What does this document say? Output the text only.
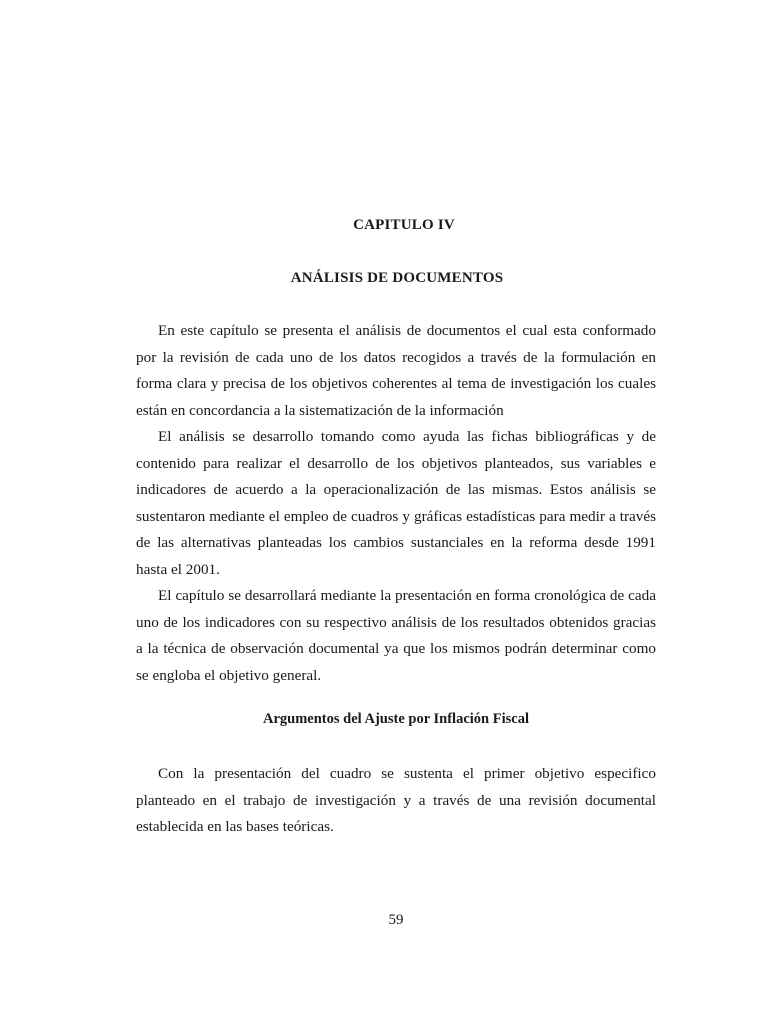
CAPITULO IV
ANÁLISIS DE DOCUMENTOS

En este capítulo se presenta el análisis de documentos el cual esta conformado por la revisión de cada uno de los datos recogidos a través de la formulación en forma clara y precisa de los objetivos coherentes al tema de investigación los cuales están en concordancia a la sistematización de la información

El análisis se desarrollo tomando como ayuda las fichas bibliográficas y de contenido para realizar el desarrollo de los objetivos planteados, sus variables e indicadores de acuerdo a la operacionalización de las mismas. Estos análisis se sustentaron mediante el empleo de cuadros y gráficas estadísticas para medir a través de las alternativas planteadas los cambios sustanciales en la reforma desde 1991 hasta el 2001.

El capítulo se desarrollará mediante la presentación en forma cronológica de cada uno de los indicadores con su respectivo análisis de los resultados obtenidos gracias a la técnica de observación documental ya que los mismos podrán determinar como se engloba el objetivo general.

Argumentos del Ajuste por Inflación Fiscal

Con la presentación del cuadro se sustenta el primer objetivo especifico planteado en el trabajo de investigación y a través de una revisión documental establecida en las bases teóricas.

59
